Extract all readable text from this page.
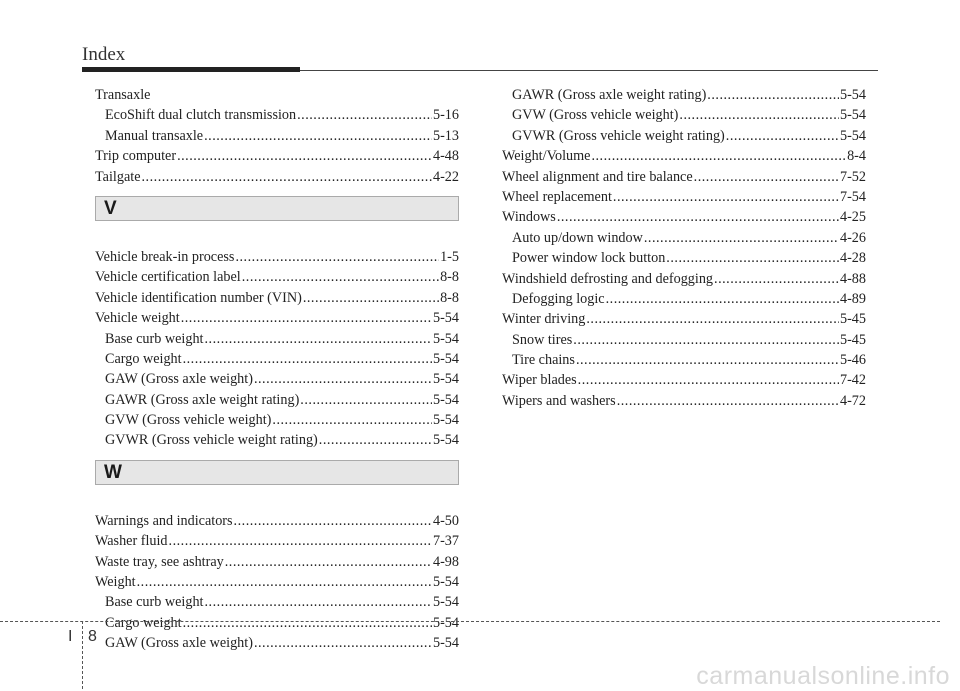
Index
Transaxle
EcoShift dual clutch transmission .....	5-16
Manual transaxle .....	5-13
Trip computer .....	4-48
Tailgate .....	4-22
V
Vehicle break-in process .....	1-5
Vehicle certification label .....	8-8
Vehicle identification number (VIN) .....	8-8
Vehicle weight .....	5-54
Base curb weight .....	5-54
Cargo weight .....	5-54
GAW (Gross axle weight) .....	5-54
GAWR (Gross axle weight rating) .....	5-54
GVW (Gross vehicle weight) .....	5-54
GVWR (Gross vehicle weight rating) .....	5-54
W
Warnings and indicators .....	4-50
Washer fluid .....	7-37
Waste tray, see ashtray .....	4-98
Weight .....	5-54
Base curb weight .....	5-54
Cargo weight .....	5-54
GAW (Gross axle weight) .....	5-54
GAWR (Gross axle weight rating) .....	5-54
GVW (Gross vehicle weight) .....	5-54
GVWR (Gross vehicle weight rating) .....	5-54
Weight/Volume .....	8-4
Wheel alignment and tire balance .....	7-52
Wheel replacement .....	7-54
Windows .....	4-25
Auto up/down window .....	4-26
Power window lock button .....	4-28
Windshield defrosting and defogging .....	4-88
Defogging logic .....	4-89
Winter driving .....	5-45
Snow tires .....	5-45
Tire chains .....	5-46
Wiper blades .....	7-42
Wipers and washers .....	4-72
I 8
carmanualsonline.info
